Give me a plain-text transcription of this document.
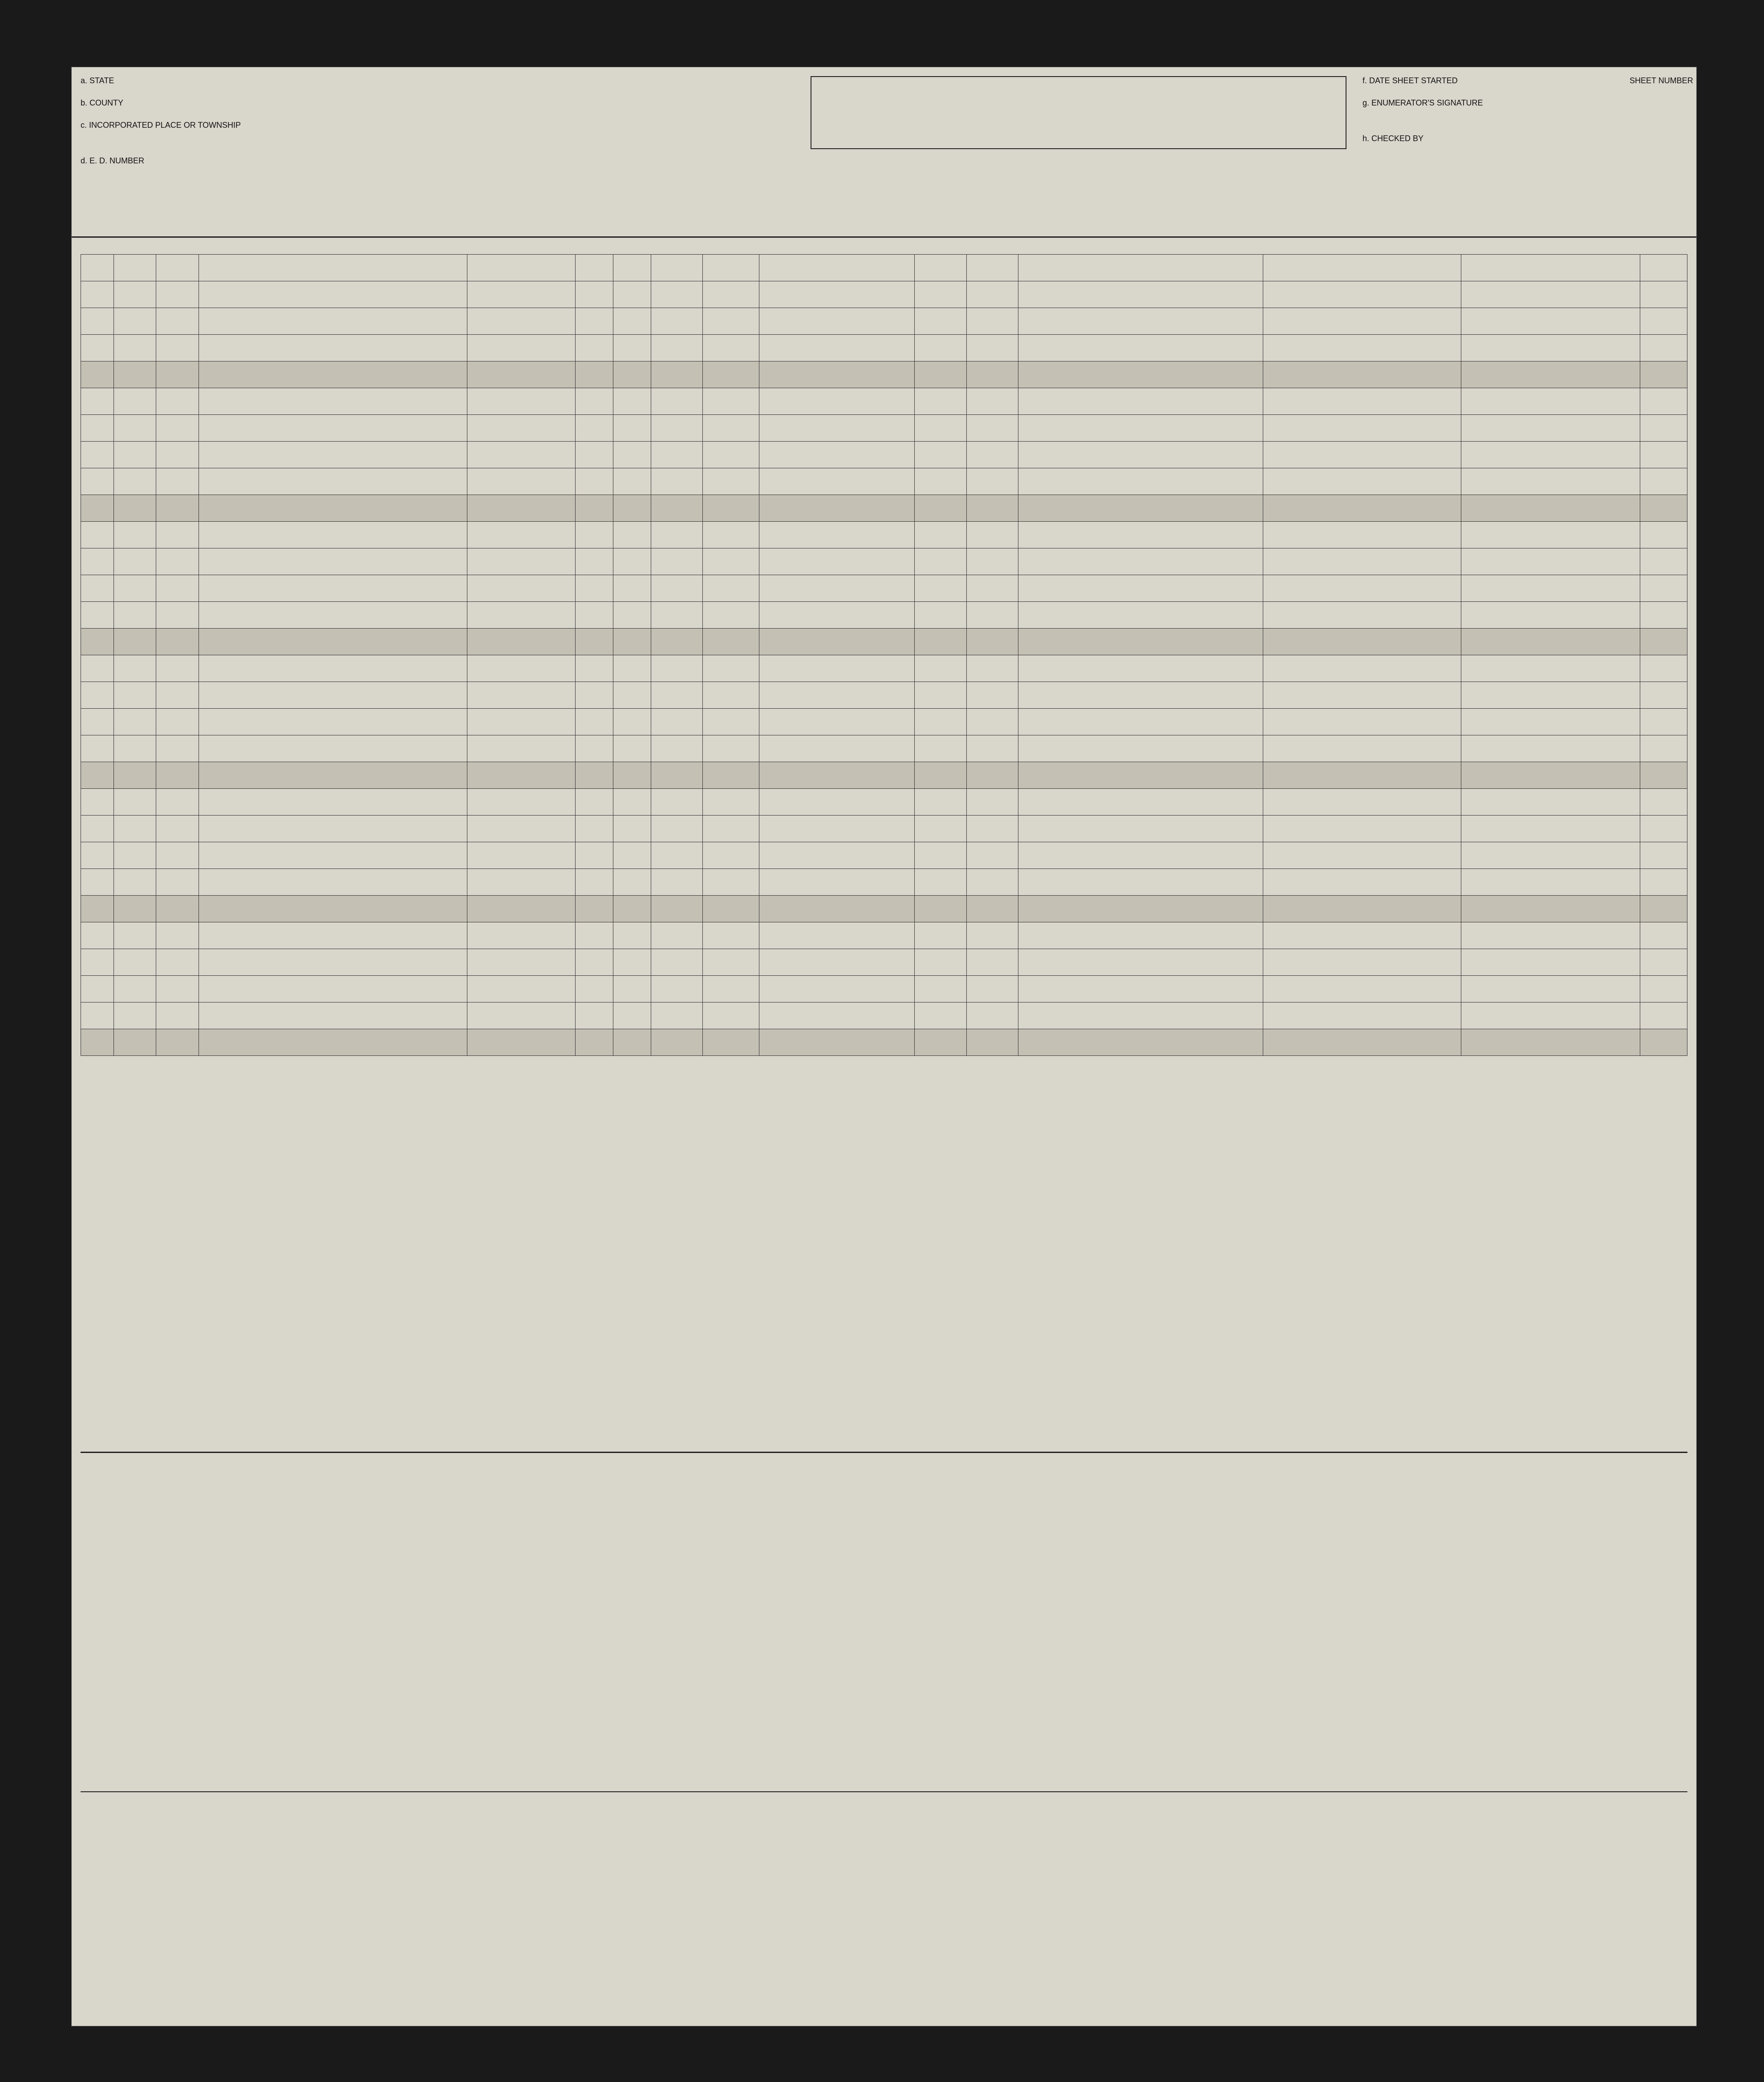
a. STATE
b. COUNTY
c. INCORPORATED PLACE OR TOWNSHIP
d. E. D. NUMBER
f. DATE SHEET STARTED
g. ENUMERATOR'S SIGNATURE
h. CHECKED BY
SHEET NUMBER
